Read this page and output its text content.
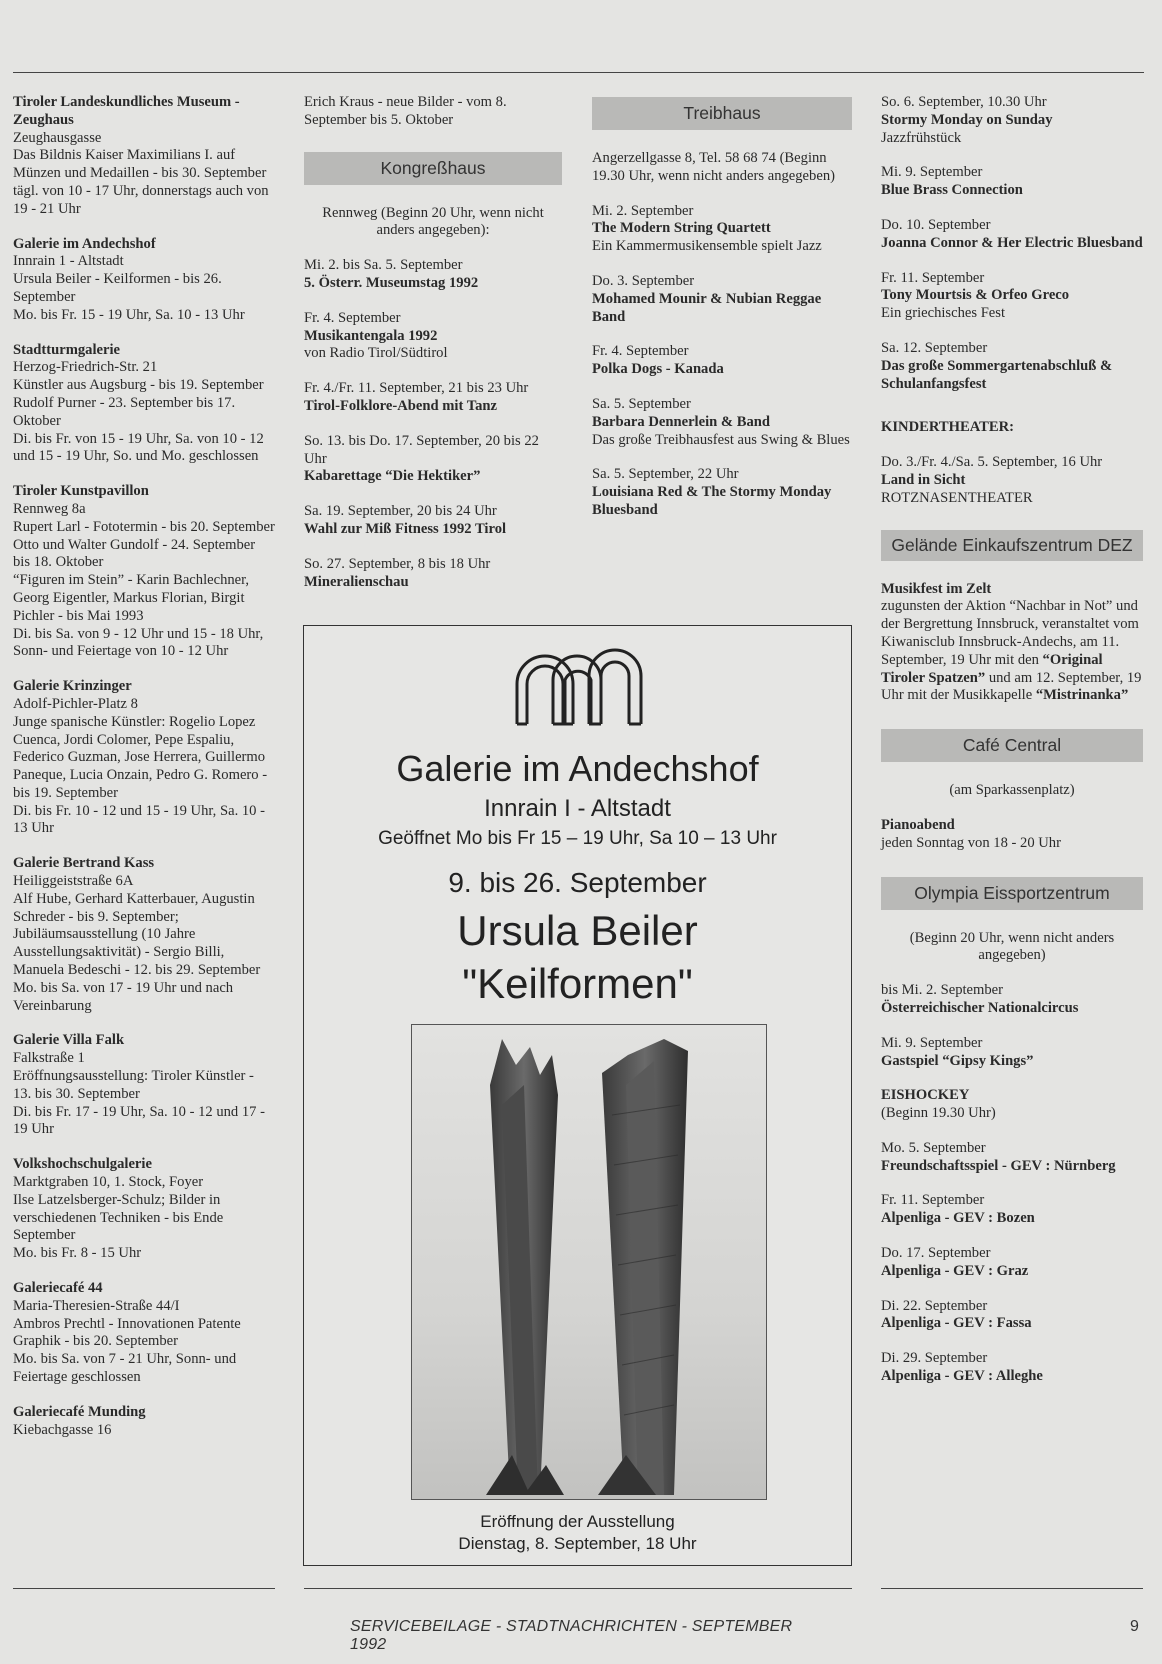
Tiroler Landeskundliches Museum - Zeughaus

Zeughausgasse

Das Bildnis Kaiser Maximilians I. auf Münzen und Medaillen - bis 30. September

tägl. von 10 - 17 Uhr, donnerstags auch von 19 - 21 Uhr

Galerie im Andechshof

Innrain 1 - Altstadt

Ursula Beiler - Keilformen - bis 26. September

Mo. bis Fr. 15 - 19 Uhr, Sa. 10 - 13 Uhr

Stadtturmgalerie

Herzog-Friedrich-Str. 21

Künstler aus Augsburg - bis 19. September

Rudolf Purner - 23. September bis 17. Oktober

Di. bis Fr. von 15 - 19 Uhr, Sa. von 10 - 12 und 15 - 19 Uhr, So. und Mo. geschlossen

Tiroler Kunstpavillon

Rennweg 8a

Rupert Larl - Fototermin - bis 20. September

Otto und Walter Gundolf - 24. September bis 18. Oktober

“Figuren im Stein” - Karin Bachlechner, Georg Eigentler, Markus Florian, Birgit Pichler - bis Mai 1993

Di. bis Sa. von 9 - 12 Uhr und 15 - 18 Uhr, Sonn- und Feiertage von 10 - 12 Uhr

Galerie Krinzinger

Adolf-Pichler-Platz 8

Junge spanische Künstler: Rogelio Lopez Cuenca, Jordi Colomer, Pepe Espaliu, Federico Guzman, Jose Herrera, Guillermo Paneque, Lucia Onzain, Pedro G. Romero - bis 19. September

Di. bis Fr. 10 - 12 und 15 - 19 Uhr, Sa. 10 - 13 Uhr

Galerie Bertrand Kass

Heiliggeiststraße 6A

Alf Hube, Gerhard Katterbauer, Augustin Schreder - bis 9. September; Jubiläumsausstellung (10 Jahre Ausstellungsaktivität) - Sergio Billi, Manuela Bedeschi - 12. bis 29. September

Mo. bis Sa. von 17 - 19 Uhr und nach Vereinbarung

Galerie Villa Falk

Falkstraße 1

Eröffnungsausstellung: Tiroler Künstler - 13. bis 30. September

Di. bis Fr. 17 - 19 Uhr, Sa. 10 - 12 und 17 - 19 Uhr

Volkshochschulgalerie

Marktgraben 10, 1. Stock, Foyer

Ilse Latzelsberger-Schulz; Bilder in verschiedenen Techniken - bis Ende September

Mo. bis Fr. 8 - 15 Uhr

Galeriecafé 44

Maria-Theresien-Straße 44/I

Ambros Prechtl - Innovationen Patente Graphik - bis 20. September

Mo. bis Sa. von 7 - 21 Uhr, Sonn- und Feiertage geschlossen

Galeriecafé Munding

Kiebachgasse 16

Erich Kraus - neue Bilder - vom 8. September bis 5. Oktober

Kongreßhaus

Rennweg (Beginn 20 Uhr, wenn nicht anders angegeben):

Mi. 2. bis Sa. 5. September

5. Österr. Museumstag 1992

Fr. 4. September

Musikantengala 1992

von Radio Tirol/Südtirol

Fr. 4./Fr. 11. September, 21 bis 23 Uhr

Tirol-Folklore-Abend mit Tanz

So. 13. bis Do. 17. September, 20 bis 22 Uhr

Kabarettage “Die Hektiker”

Sa. 19. September, 20 bis 24 Uhr

Wahl zur Miß Fitness 1992 Tirol

So. 27. September, 8 bis 18 Uhr

Mineralienschau

Treibhaus

Angerzellgasse 8, Tel. 58 68 74 (Beginn 19.30 Uhr, wenn nicht anders angegeben)

Mi. 2. September

The Modern String Quartett

Ein Kammermusikensemble spielt Jazz

Do. 3. September

Mohamed Mounir & Nubian Reggae Band

Fr. 4. September

Polka Dogs - Kanada

Sa. 5. September

Barbara Dennerlein & Band

Das große Treibhausfest aus Swing & Blues

Sa. 5. September, 22 Uhr

Louisiana Red & The Stormy Monday Bluesband

So. 6. September, 10.30 Uhr

Stormy Monday on Sunday

Jazzfrühstück

Mi. 9. September

Blue Brass Connection

Do. 10. September

Joanna Connor & Her Electric Bluesband

Fr. 11. September

Tony Mourtsis & Orfeo Greco

Ein griechisches Fest

Sa. 12. September

Das große Sommergartenabschluß & Schulanfangsfest

KINDERTHEATER:

Do. 3./Fr. 4./Sa. 5. September, 16 Uhr

Land in Sicht

ROTZNASENTHEATER

Gelände Einkaufszentrum DEZ

Musikfest im Zelt

zugunsten der Aktion “Nachbar in Not” und der Bergrettung Innsbruck, veranstaltet vom Kiwanisclub Innsbruck-Andechs, am 11. September, 19 Uhr mit den “Original Tiroler Spatzen” und am 12. September, 19 Uhr mit der Musikkapelle “Mistrinanka”

Café Central

(am Sparkassenplatz)

Pianoabend

jeden Sonntag von 18 - 20 Uhr

Olympia Eissportzentrum

(Beginn 20 Uhr, wenn nicht anders angegeben)

bis Mi. 2. September

Österreichischer Nationalcircus

Mi. 9. September

Gastspiel “Gipsy Kings”

EISHOCKEY

(Beginn 19.30 Uhr)

Mo. 5. September

Freundschaftsspiel - GEV : Nürnberg

Fr. 11. September

Alpenliga - GEV : Bozen

Do. 17. September

Alpenliga - GEV : Graz

Di. 22. September

Alpenliga - GEV : Fassa

Di. 29. September

Alpenliga - GEV : Alleghe

Galerie im Andechshof
Innrain I - Altstadt
Geöffnet Mo bis Fr 15 – 19 Uhr, Sa 10 – 13 Uhr
9. bis 26. September
Ursula Beiler
"Keilformen"
Eröffnung der Ausstellung
Dienstag, 8. September, 18 Uhr
SERVICEBEILAGE - STADTNACHRICHTEN - SEPTEMBER 1992
9
